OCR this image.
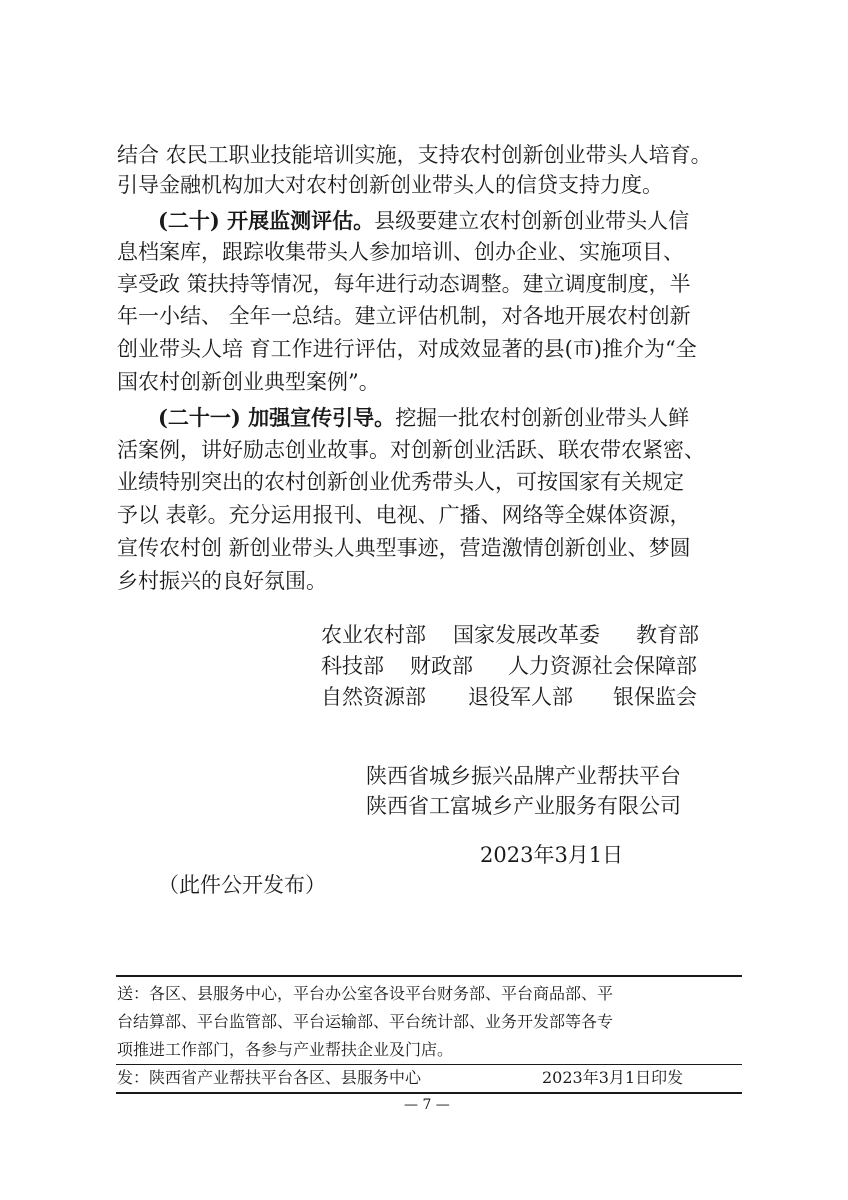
结合 农民工职业技能培训实施，支持农村创新创业带头人培育。
引导金融机构加大对农村创新创业带头人的信贷支持力度。
(二十) 开展监测评估。县级要建立农村创新创业带头人信
息档案库，跟踪收集带头人参加培训、创办企业、实施项目、
享受政 策扶持等情况，每年进行动态调整。建立调度制度，半
年一小结、 全年一总结。建立评估机制，对各地开展农村创新
创业带头人培 育工作进行评估，对成效显著的县(市)推介为“全
国农村创新创业典型案例”。
(二十一) 加强宣传引导。挖掘一批农村创新创业带头人鲜
活案例，讲好励志创业故事。对创新创业活跃、联农带农紧密、
业绩特别突出的农村创新创业优秀带头人，可按国家有关规定
予以 表彰。充分运用报刊、电视、广播、网络等全媒体资源，
宣传农村创 新创业带头人典型事迹，营造激情创新创业、梦圆
乡村振兴的良好氛围。
农业农村部 国家发展改革委 教育部
科技部 财政部 人力资源社会保障部
自然资源部 退役军人部 银保监会
陕西省城乡振兴品牌产业帮扶平台
陕西省工富城乡产业服务有限公司
2023年3月1日
（此件公开发布）
送：各区、县服务中心，平台办公室各设平台财务部、平台商品部、平
台结算部、平台监管部、平台运输部、平台统计部、业务开发部等各专
项推进工作部门，各参与产业帮扶企业及门店。
发：陕西省产业帮扶平台各区、县服务中心	2023年3月1日印发
— 7 —
